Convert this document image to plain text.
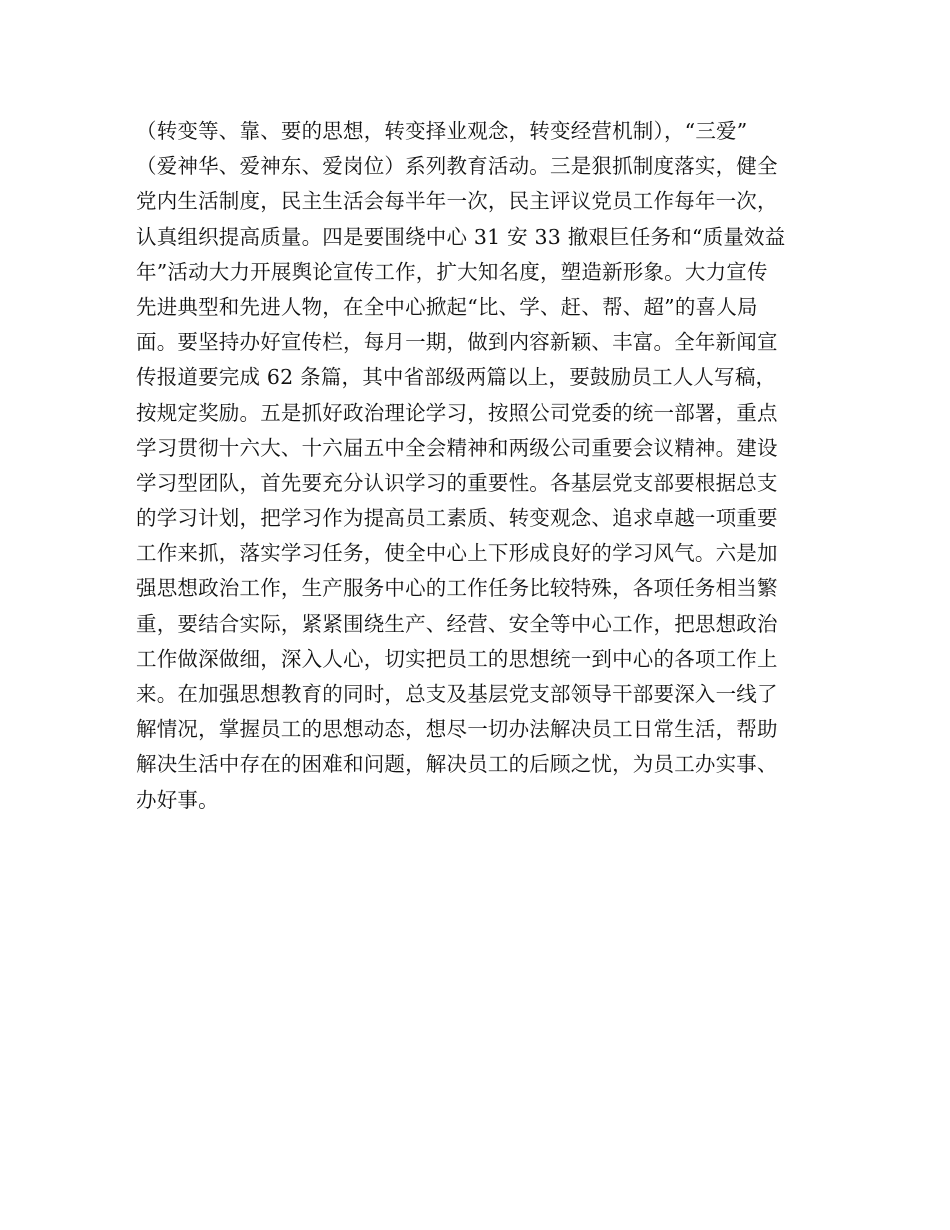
（转变等、靠、要的思想，转变择业观念，转变经营机制），“三爱”
（爱神华、爱神东、爱岗位）系列教育活动。三是狠抓制度落实，健全
党内生活制度，民主生活会每半年一次，民主评议党员工作每年一次，
认真组织提高质量。四是要围绕中心 31 安 33 撤艰巨任务和“质量效益
年”活动大力开展舆论宣传工作，扩大知名度，塑造新形象。大力宣传
先进典型和先进人物，在全中心掀起“比、学、赶、帮、超”的喜人局
面。要坚持办好宣传栏，每月一期，做到内容新颖、丰富。全年新闻宣
传报道要完成 62 条篇，其中省部级两篇以上，要鼓励员工人人写稿，
按规定奖励。五是抓好政治理论学习，按照公司党委的统一部署，重点
学习贯彻十六大、十六届五中全会精神和两级公司重要会议精神。建设
学习型团队，首先要充分认识学习的重要性。各基层党支部要根据总支
的学习计划，把学习作为提高员工素质、转变观念、追求卓越一项重要
工作来抓，落实学习任务，使全中心上下形成良好的学习风气。六是加
强思想政治工作，生产服务中心的工作任务比较特殊，各项任务相当繁
重，要结合实际，紧紧围绕生产、经营、安全等中心工作，把思想政治
工作做深做细，深入人心，切实把员工的思想统一到中心的各项工作上
来。在加强思想教育的同时，总支及基层党支部领导干部要深入一线了
解情况，掌握员工的思想动态，想尽一切办法解决员工日常生活，帮助
解决生活中存在的困难和问题，解决员工的后顾之忧，为员工办实事、
办好事。
